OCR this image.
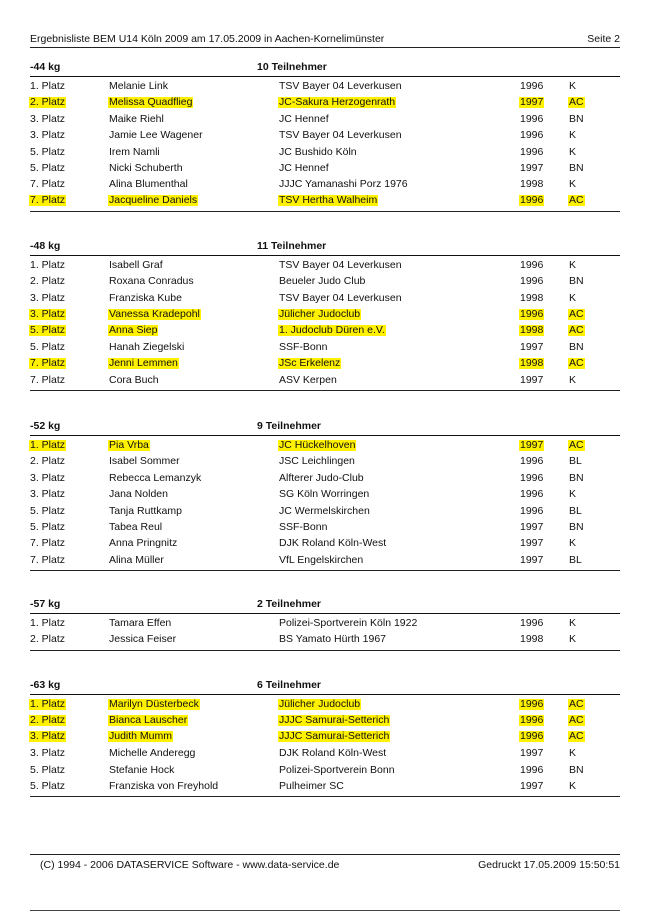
Ergebnisliste BEM U14 Köln 2009 am 17.05.2009 in Aachen-Kornelimünster	Seite 2
-44 kg	10 Teilnehmer
1. Platz	Melanie Link	TSV Bayer 04 Leverkusen	1996 K
2. Platz	Melissa Quadflieg	JC-Sakura Herzogenrath	1997 AC
3. Platz	Maike Riehl	JC Hennef	1996 BN
3. Platz	Jamie Lee Wagener	TSV Bayer 04 Leverkusen	1996 K
5. Platz	Irem Namli	JC Bushido Köln	1996 K
5. Platz	Nicki Schuberth	JC Hennef	1997 BN
7. Platz	Alina Blumenthal	JJJC Yamanashi Porz 1976	1998 K
7. Platz	Jacqueline Daniels	TSV Hertha Walheim	1996 AC
-48 kg	11 Teilnehmer
1. Platz	Isabell Graf	TSV Bayer 04 Leverkusen	1996 K
2. Platz	Roxana Conradus	Beueler Judo Club	1996 BN
3. Platz	Franziska Kube	TSV Bayer 04 Leverkusen	1998 K
3. Platz	Vanessa Kradepohl	Jülicher Judoclub	1996 AC
5. Platz	Anna Siep	1. Judoclub Düren e.V.	1998 AC
5. Platz	Hanah Ziegelski	SSF-Bonn	1997 BN
7. Platz	Jenni Lemmen	JSc Erkelenz	1998 AC
7. Platz	Cora Buch	ASV Kerpen	1997 K
-52 kg	9 Teilnehmer
1. Platz	Pia Vrba	JC Hückelhoven	1997 AC
2. Platz	Isabel Sommer	JSC Leichlingen	1996 BL
3. Platz	Rebecca Lemanzyk	Alfterer Judo-Club	1996 BN
3. Platz	Jana Nolden	SG Köln Worringen	1996 K
5. Platz	Tanja Ruttkamp	JC Wermelskirchen	1996 BL
5. Platz	Tabea Reul	SSF-Bonn	1997 BN
7. Platz	Anna Pringnitz	DJK Roland Köln-West	1997 K
7. Platz	Alina Müller	VfL Engelskirchen	1997 BL
-57 kg	2 Teilnehmer
1. Platz	Tamara Effen	Polizei-Sportverein Köln 1922	1996 K
2. Platz	Jessica Feiser	BS Yamato Hürth 1967	1998 K
-63 kg	6 Teilnehmer
1. Platz	Marilyn Düsterbeck	Jülicher Judoclub	1996 AC
2. Platz	Bianca Lauscher	JJJC Samurai-Setterich	1996 AC
3. Platz	Judith Mumm	JJJC Samurai-Setterich	1996 AC
3. Platz	Michelle Anderegg	DJK Roland Köln-West	1997 K
5. Platz	Stefanie Hock	Polizei-Sportverein Bonn	1996 BN
5. Platz	Franziska von Freyhold	Pulheimer SC	1997 K
(C) 1994 - 2006 DATASERVICE Software - www.data-service.de	Gedruckt 17.05.2009 15:50:51
